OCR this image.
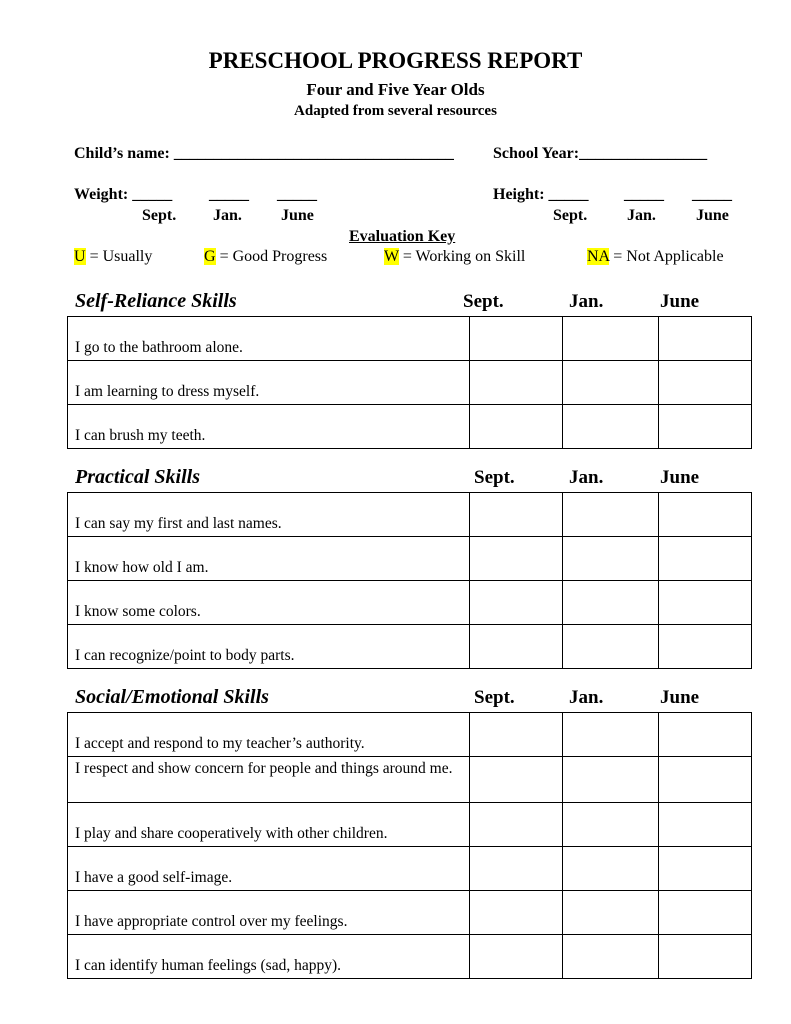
PRESCHOOL PROGRESS REPORT
Four and Five Year Olds
Adapted from several resources
Child’s name: ___________________________________ School Year:________________
Weight: _____ _____ _____
Sept. Jan. June
Height: _____ _____ _____
Sept. Jan.	June
Evaluation Key
U = Usually	G = Good Progress	W = Working on Skill	NA = Not Applicable
Self-Reliance Skills	Sept.	Jan.	June
I go to the bathroom alone.			

I am learning to dress myself.			

I can brush my teeth.			

Practical Skills	Sept.	Jan.	June
I can say my first and last names.			

I know how old I am.			

I know some colors.			

I can recognize/point to body parts.			

Social/Emotional Skills	Sept.	Jan.	June
I accept and respond to my teacher’s authority.			

I respect and show concern for people and things around me.			

I play and share cooperatively with other children.			

I have a good self-image.			

I have appropriate control over my feelings.			

I can identify human feelings (sad, happy).			
